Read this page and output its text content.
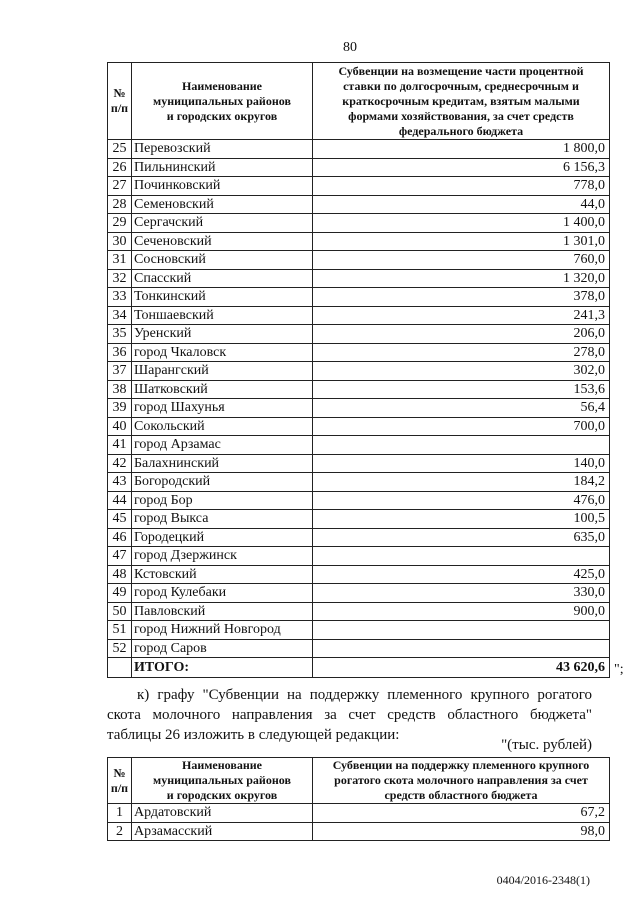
80
№
п/п	Наименование
муниципальных районов
и городских округов	Субвенции на возмещение части процентной ставки по долгосрочным, среднесрочным и краткосрочным кредитам, взятым малыми формами хозяйствования, за счет средств федерального бюджета
25	Перевозский	1 800,0
26	Пильнинский	6 156,3
27	Починковский	778,0
28	Семеновский	44,0
29	Сергачский	1 400,0
30	Сеченовский	1 301,0
31	Сосновский	760,0
32	Спасский	1 320,0
33	Тонкинский	378,0
34	Тоншаевский	241,3
35	Уренский	206,0
36	город Чкаловск	278,0
37	Шарангский	302,0
38	Шатковский	153,6
39	город Шахунья	56,4
40	Сокольский	700,0
41	город Арзамас	
42	Балахнинский	140,0
43	Богородский	184,2
44	город Бор	476,0
45	город Выкса	100,5
46	Городецкий	635,0
47	город Дзержинск	
48	Кстовский	425,0
49	город Кулебаки	330,0
50	Павловский	900,0
51	город Нижний Новгород	
52	город Саров	
	ИТОГО:	43 620,6 ";
к) графу "Субвенции на поддержку племенного крупного рогатого скота молочного направления за счет средств областного бюджета" таблицы 26 изложить в следующей редакции:
"(тыс. рублей)
№
п/п	Наименование
муниципальных районов
и городских округов	Субвенции на поддержку племенного крупного рогатого скота молочного направления за счет средств областного бюджета
1	Ардатовский	67,2
2	Арзамасский	98,0
0404/2016-2348(1)
